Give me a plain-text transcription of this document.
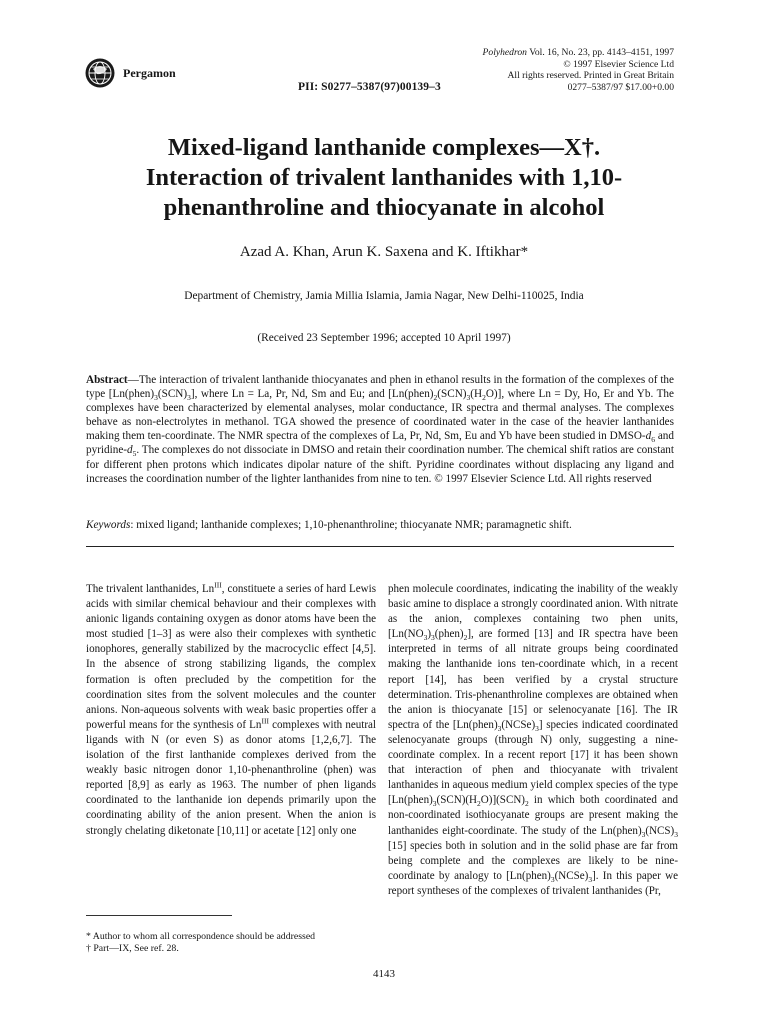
Pergamon
PII: S0277–5387(97)00139–3
Polyhedron Vol. 16, No. 23, pp. 4143–4151, 1997
© 1997 Elsevier Science Ltd
All rights reserved. Printed in Great Britain
0277–5387/97 $17.00+0.00
Mixed-ligand lanthanide complexes—X†.
Interaction of trivalent lanthanides with 1,10-
phenanthroline and thiocyanate in alcohol
Azad A. Khan, Arun K. Saxena and K. Iftikhar*
Department of Chemistry, Jamia Millia Islamia, Jamia Nagar, New Delhi-110025, India
(Received 23 September 1996; accepted 10 April 1997)
Abstract—The interaction of trivalent lanthanide thiocyanates and phen in ethanol results in the formation of the complexes of the type $[Ln(phen)_3(SCN)_3]$, where Ln = La, Pr, Nd, Sm and Eu; and $[Ln(phen)_2(SCN)_3(H_2O)]$, where Ln = Dy, Ho, Er and Yb. The complexes have been characterized by elemental analyses, molar conductance, IR spectra and thermal analyses. The complexes behave as non-electrolytes in methanol. TGA showed the presence of coordinated water in the case of the heavier lanthanides making them ten-coordinate. The NMR spectra of the complexes of La, Pr, Nd, Sm, Eu and Yb have been studied in DMSO-$d_6$ and pyridine-$d_5$. The complexes do not dissociate in DMSO and retain their coordination number. The chemical shift ratios are constant for different phen protons which indicates dipolar nature of the shift. Pyridine coordinates without displacing any ligand and increases the coordination number of the lighter lanthanides from nine to ten. © 1997 Elsevier Science Ltd. All rights reserved
Keywords: mixed ligand; lanthanide complexes; 1,10-phenanthroline; thiocyanate NMR; paramagnetic shift.
The trivalent lanthanides, $Ln^{III}$, constituete a series of hard Lewis acids with similar chemical behaviour and their complexes with anionic ligands containing oxygen as donor atoms have been the most studied [1–3] as were also their complexes with synthetic ionophores, generally stabilized by the macrocyclic effect [4,5]. In the absence of strong stabilizing ligands, the complex formation is often precluded by the competition for the coordination sites from the solvent molecules and the counter anions. Non-aqueous solvents with weak basic properties offer a powerful means for the synthesis of $Ln^{III}$ complexes with neutral ligands with N (or even S) as donor atoms [1,2,6,7]. The isolation of the first lanthanide complexes derived from the weakly basic nitrogen donor 1,10-phenanthroline (phen) was reported [8,9] as early as 1963. The number of phen ligands coordinated to the lanthanide ion depends primarily upon the coordinating ability of the anion present. When the anion is strongly chelating diketonate [10,11] or acetate [12] only one
phen molecule coordinates, indicating the inability of the weakly basic amine to displace a strongly coordinated anion. With nitrate as the anion, complexes containing two phen units, $[Ln(NO_3)_3(phen)_2]$, are formed [13] and IR spectra have been interpreted in terms of all nitrate groups being coordinated making the lanthanide ions ten-coordinate which, in a recent report [14], has been verified by a crystal structure determination. Tris-phenanthroline complexes are obtained when the anion is thiocyanate [15] or selenocyanate [16]. The IR spectra of the $[Ln(phen)_3(NCSe)_3]$ species indicated coordinated selenocyanate groups (through N) only, suggesting a nine-coordinate complex. In a recent report [17] it has been shown that interaction of phen and thiocyanate with trivalent lanthanides in aqueous medium yield complex species of the type $[Ln(phen)_3(SCN)(H_2O)](SCN)_2$ in which both coordinated and non-coordinated isothiocyanate groups are present making the lanthanides eight-coordinate. The study of the $Ln(phen)_3(NCS)_3$ [15] species both in solution and in the solid phase are far from being complete and the complexes are likely to be nine-coordinate by analogy to $[Ln(phen)_3(NCSe)_3]$. In this paper we report syntheses of the complexes of trivalent lanthanides (Pr,
* Author to whom all correspondence should be addressed
† Part—IX, See ref. 28.
4143
